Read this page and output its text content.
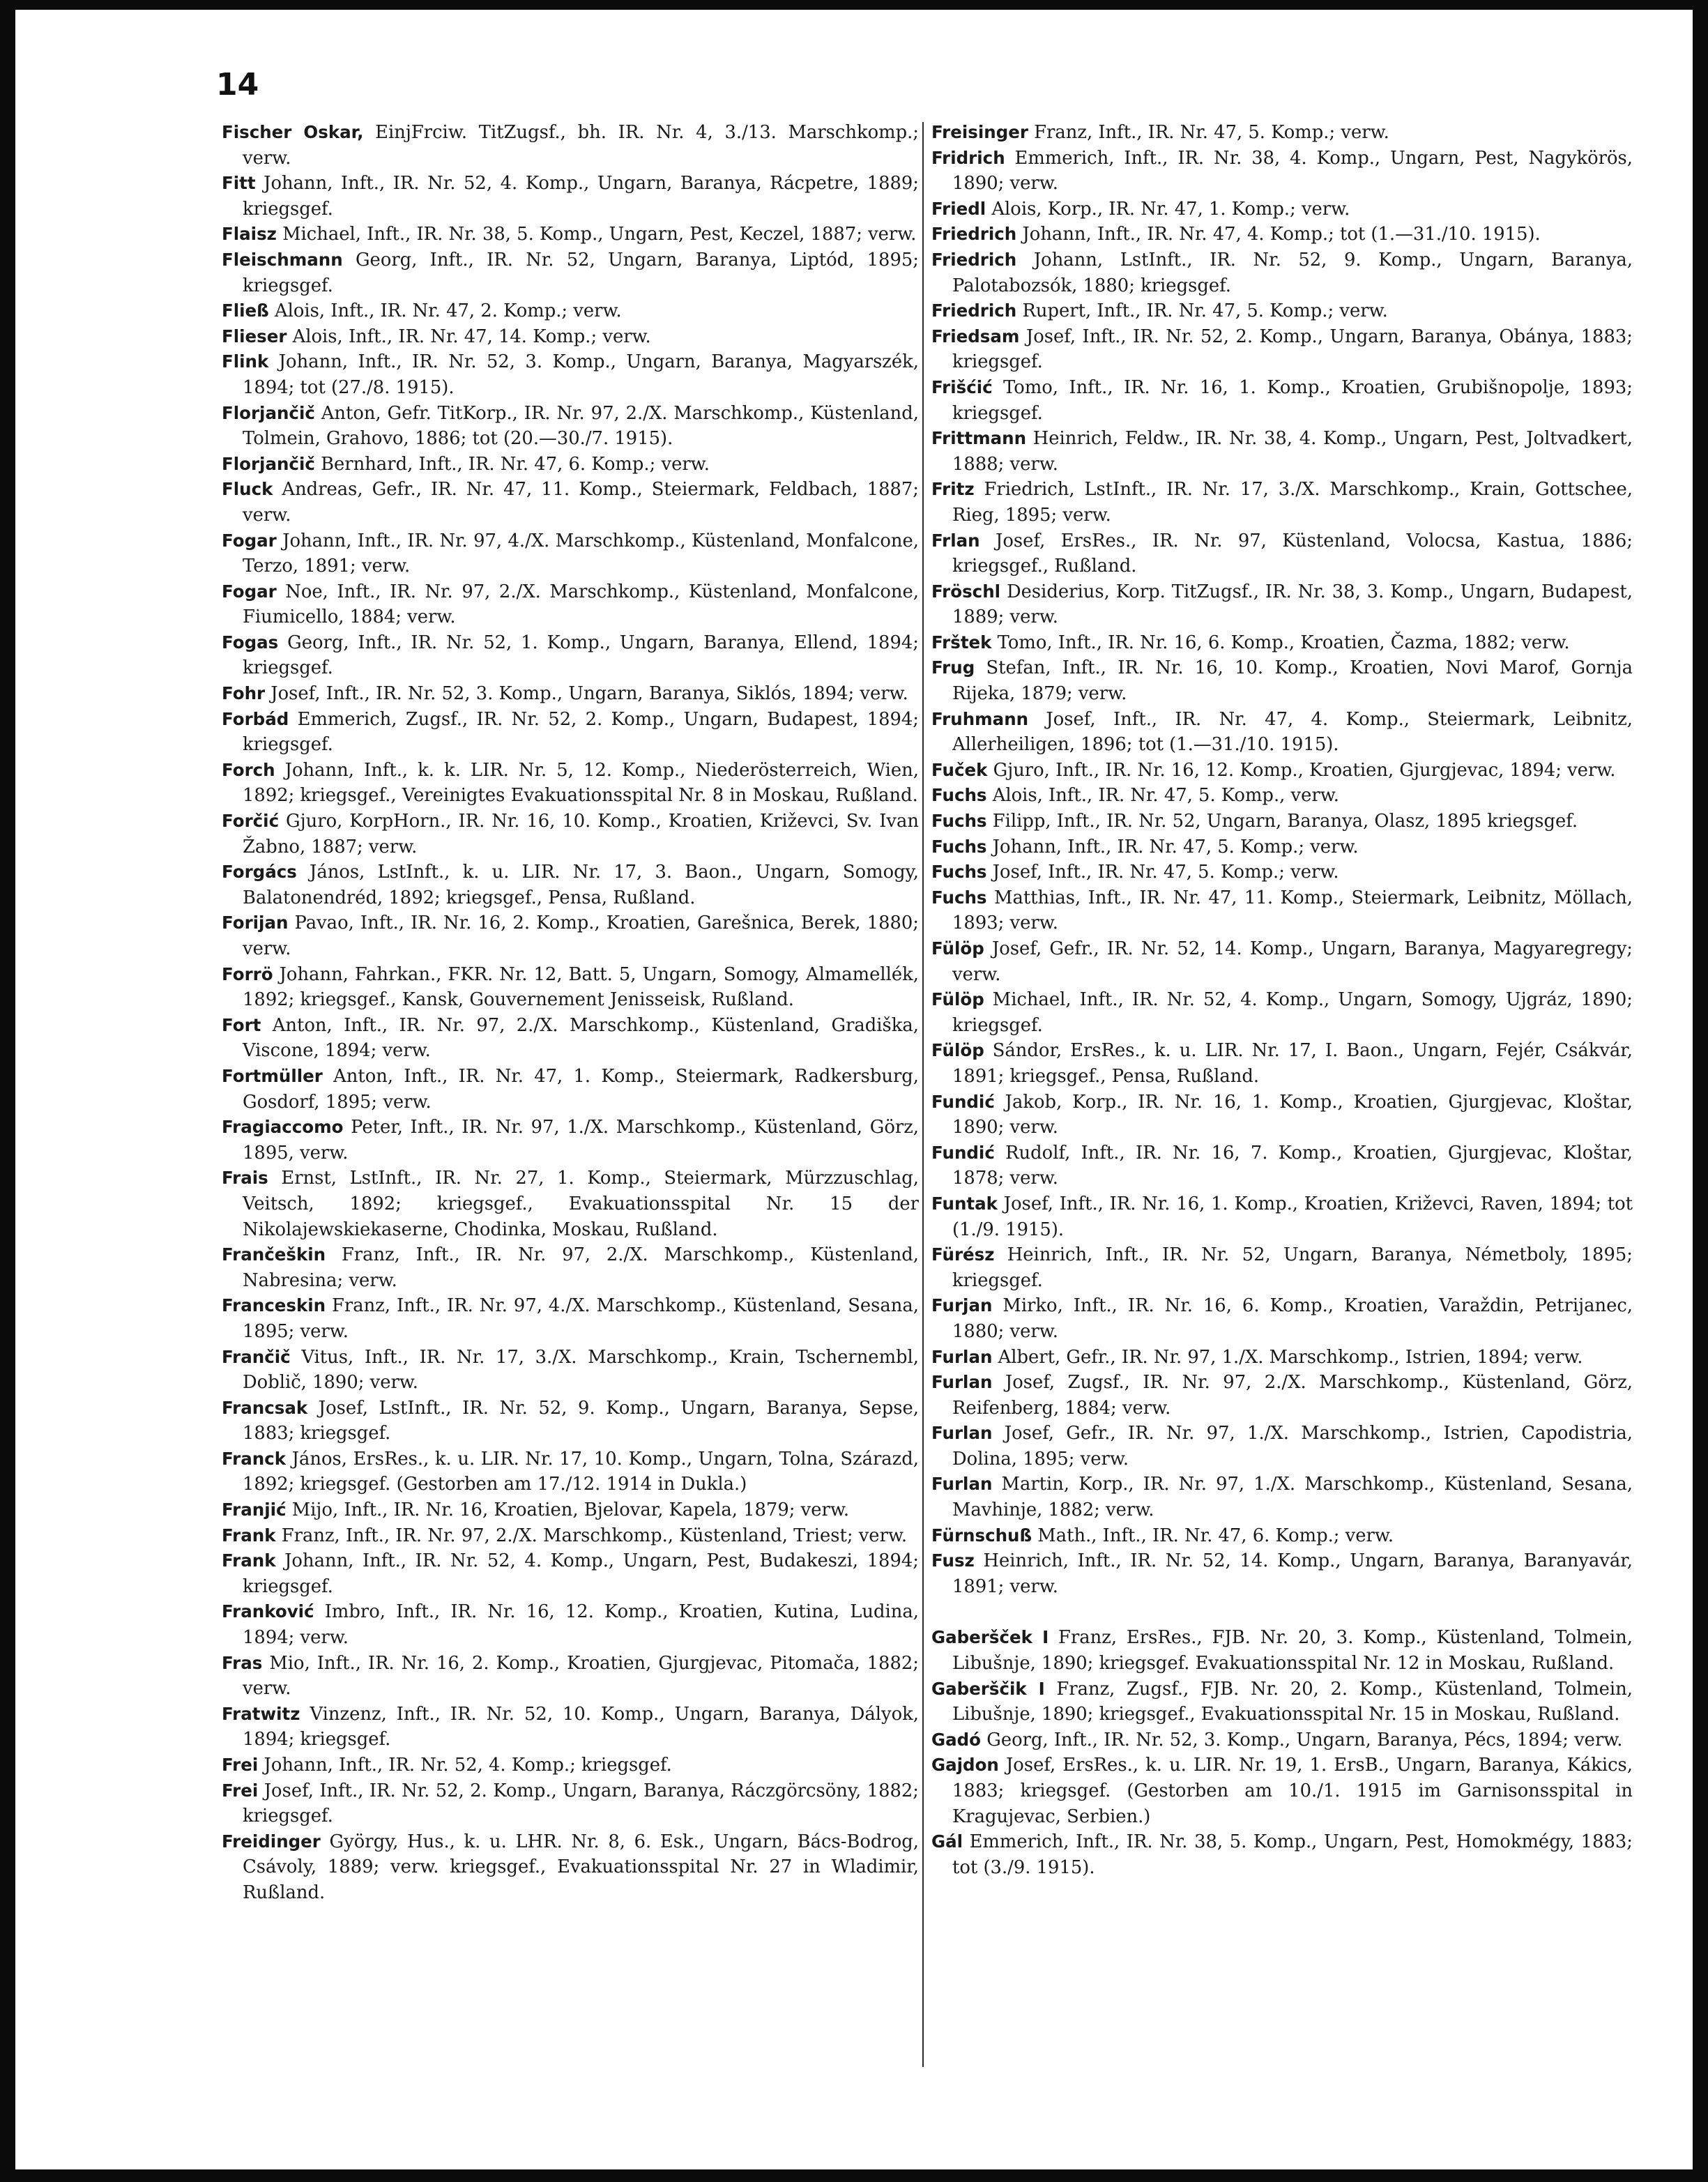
14
Fischer Oskar, EinjFrciw. TitZugsf., bh. IR. Nr. 4, 3./13. Marschkomp.; verw.
Fitt Johann, Inft., IR. Nr. 52, 4. Komp., Ungarn, Baranya, Rácpetre, 1889; kriegsgef.
Flaisz Michael, Inft., IR. Nr. 38, 5. Komp., Ungarn, Pest, Keczel, 1887; verw.
Fleischmann Georg, Inft., IR. Nr. 52, Ungarn, Baranya, Liptód, 1895; kriegsgef.
Fließ Alois, Inft., IR. Nr. 47, 2. Komp.; verw.
Flieser Alois, Inft., IR. Nr. 47, 14. Komp.; verw.
Flink Johann, Inft., IR. Nr. 52, 3. Komp., Ungarn, Baranya, Magyarszék, 1894; tot (27./8. 1915).
Florjančič Anton, Gefr. TitKorp., IR. Nr. 97, 2./X. Marschkomp., Küstenland, Tolmein, Grahovo, 1886; tot (20.—30./7. 1915).
Florjančič Bernhard, Inft., IR. Nr. 47, 6. Komp.; verw.
Fluck Andreas, Gefr., IR. Nr. 47, 11. Komp., Steiermark, Feldbach, 1887; verw.
Fogar Johann, Inft., IR. Nr. 97, 4./X. Marschkomp., Küstenland, Monfalcone, Terzo, 1891; verw.
Fogar Noe, Inft., IR. Nr. 97, 2./X. Marschkomp., Küstenland, Monfalcone, Fiumicello, 1884; verw.
Fogas Georg, Inft., IR. Nr. 52, 1. Komp., Ungarn, Baranya, Ellend, 1894; kriegsgef.
Fohr Josef, Inft., IR. Nr. 52, 3. Komp., Ungarn, Baranya, Siklós, 1894; verw.
Forbád Emmerich, Zugsf., IR. Nr. 52, 2. Komp., Ungarn, Budapest, 1894; kriegsgef.
Forch Johann, Inft., k. k. LIR. Nr. 5, 12. Komp., Niederösterreich, Wien, 1892; kriegsgef., Vereinigtes Evakuationsspital Nr. 8 in Moskau, Rußland.
Forčić Gjuro, KorpHorn., IR. Nr. 16, 10. Komp., Kroatien, Križevci, Sv. Ivan Žabno, 1887; verw.
Forgács János, LstInft., k. u. LIR. Nr. 17, 3. Baon., Ungarn, Somogy, Balatonendréd, 1892; kriegsgef., Pensa, Rußland.
Forijan Pavao, Inft., IR. Nr. 16, 2. Komp., Kroatien, Garešnica, Berek, 1880; verw.
Forrö Johann, Fahrkan., FKR. Nr. 12, Batt. 5, Ungarn, Somogy, Almamellék, 1892; kriegsgef., Kansk, Gouvernement Jenisseisk, Rußland.
Fort Anton, Inft., IR. Nr. 97, 2./X. Marschkomp., Küstenland, Gradiška, Viscone, 1894; verw.
Fortmüller Anton, Inft., IR. Nr. 47, 1. Komp., Steiermark, Radkersburg, Gosdorf, 1895; verw.
Fragiaccomo Peter, Inft., IR. Nr. 97, 1./X. Marschkomp., Küstenland, Görz, 1895, verw.
Frais Ernst, LstInft., IR. Nr. 27, 1. Komp., Steiermark, Mürzzuschlag, Veitsch, 1892; kriegsgef., Evakuationsspital Nr. 15 der Nikolajewskiekaserne, Chodinka, Moskau, Rußland.
Frančeškin Franz, Inft., IR. Nr. 97, 2./X. Marschkomp., Küstenland, Nabresina; verw.
Franceskin Franz, Inft., IR. Nr. 97, 4./X. Marschkomp., Küstenland, Sesana, 1895; verw.
Frančič Vitus, Inft., IR. Nr. 17, 3./X. Marschkomp., Krain, Tschernembl, Doblič, 1890; verw.
Francsak Josef, LstInft., IR. Nr. 52, 9. Komp., Ungarn, Baranya, Sepse, 1883; kriegsgef.
Franck János, ErsRes., k. u. LIR. Nr. 17, 10. Komp., Ungarn, Tolna, Szárazd, 1892; kriegsgef. (Gestorben am 17./12. 1914 in Dukla.)
Franjić Mijo, Inft., IR. Nr. 16, Kroatien, Bjelovar, Kapela, 1879; verw.
Frank Franz, Inft., IR. Nr. 97, 2./X. Marschkomp., Küstenland, Triest; verw.
Frank Johann, Inft., IR. Nr. 52, 4. Komp., Ungarn, Pest, Budakeszi, 1894; kriegsgef.
Franković Imbro, Inft., IR. Nr. 16, 12. Komp., Kroatien, Kutina, Ludina, 1894; verw.
Fras Mio, Inft., IR. Nr. 16, 2. Komp., Kroatien, Gjurgjevac, Pitomača, 1882; verw.
Fratwitz Vinzenz, Inft., IR. Nr. 52, 10. Komp., Ungarn, Baranya, Dályok, 1894; kriegsgef.
Frei Johann, Inft., IR. Nr. 52, 4. Komp.; kriegsgef.
Frei Josef, Inft., IR. Nr. 52, 2. Komp., Ungarn, Baranya, Ráczgörcsöny, 1882; kriegsgef.
Freidinger György, Hus., k. u. LHR. Nr. 8, 6. Esk., Ungarn, Bács-Bodrog, Csávoly, 1889; verw. kriegsgef., Evakuationsspital Nr. 27 in Wladimir, Rußland.
Freisinger Franz, Inft., IR. Nr. 47, 5. Komp.; verw.
Fridrich Emmerich, Inft., IR. Nr. 38, 4. Komp., Ungarn, Pest, Nagykörös, 1890; verw.
Friedl Alois, Korp., IR. Nr. 47, 1. Komp.; verw.
Friedrich Johann, Inft., IR. Nr. 47, 4. Komp.; tot (1.—31./10. 1915).
Friedrich Johann, LstInft., IR. Nr. 52, 9. Komp., Ungarn, Baranya, Palotabozsók, 1880; kriegsgef.
Friedrich Rupert, Inft., IR. Nr. 47, 5. Komp.; verw.
Friedsam Josef, Inft., IR. Nr. 52, 2. Komp., Ungarn, Baranya, Obánya, 1883; kriegsgef.
Frišćić Tomo, Inft., IR. Nr. 16, 1. Komp., Kroatien, Grubišnopolje, 1893; kriegsgef.
Frittmann Heinrich, Feldw., IR. Nr. 38, 4. Komp., Ungarn, Pest, Joltvadkert, 1888; verw.
Fritz Friedrich, LstInft., IR. Nr. 17, 3./X. Marschkomp., Krain, Gottschee, Rieg, 1895; verw.
Frlan Josef, ErsRes., IR. Nr. 97, Küstenland, Volocsa, Kastua, 1886; kriegsgef., Rußland.
Fröschl Desiderius, Korp. TitZugsf., IR. Nr. 38, 3. Komp., Ungarn, Budapest, 1889; verw.
Frštek Tomo, Inft., IR. Nr. 16, 6. Komp., Kroatien, Čazma, 1882; verw.
Frug Stefan, Inft., IR. Nr. 16, 10. Komp., Kroatien, Novi Marof, Gornja Rijeka, 1879; verw.
Fruhmann Josef, Inft., IR. Nr. 47, 4. Komp., Steiermark, Leibnitz, Allerheiligen, 1896; tot (1.—31./10. 1915).
Fuček Gjuro, Inft., IR. Nr. 16, 12. Komp., Kroatien, Gjurgjevac, 1894; verw.
Fuchs Alois, Inft., IR. Nr. 47, 5. Komp., verw.
Fuchs Filipp, Inft., IR. Nr. 52, Ungarn, Baranya, Olasz, 1895 kriegsgef.
Fuchs Johann, Inft., IR. Nr. 47, 5. Komp.; verw.
Fuchs Josef, Inft., IR. Nr. 47, 5. Komp.; verw.
Fuchs Matthias, Inft., IR. Nr. 47, 11. Komp., Steiermark, Leibnitz, Möllach, 1893; verw.
Fülöp Josef, Gefr., IR. Nr. 52, 14. Komp., Ungarn, Baranya, Magyaregregy; verw.
Fülöp Michael, Inft., IR. Nr. 52, 4. Komp., Ungarn, Somogy, Ujgráz, 1890; kriegsgef.
Fülöp Sándor, ErsRes., k. u. LIR. Nr. 17, I. Baon., Ungarn, Fejér, Csákvár, 1891; kriegsgef., Pensa, Rußland.
Fundić Jakob, Korp., IR. Nr. 16, 1. Komp., Kroatien, Gjurgjevac, Kloštar, 1890; verw.
Fundić Rudolf, Inft., IR. Nr. 16, 7. Komp., Kroatien, Gjurgjevac, Kloštar, 1878; verw.
Funtak Josef, Inft., IR. Nr. 16, 1. Komp., Kroatien, Križevci, Raven, 1894; tot (1./9. 1915).
Fürész Heinrich, Inft., IR. Nr. 52, Ungarn, Baranya, Németboly, 1895; kriegsgef.
Furjan Mirko, Inft., IR. Nr. 16, 6. Komp., Kroatien, Varaždin, Petrijanec, 1880; verw.
Furlan Albert, Gefr., IR. Nr. 97, 1./X. Marschkomp., Istrien, 1894; verw.
Furlan Josef, Zugsf., IR. Nr. 97, 2./X. Marschkomp., Küstenland, Görz, Reifenberg, 1884; verw.
Furlan Josef, Gefr., IR. Nr. 97, 1./X. Marschkomp., Istrien, Capodistria, Dolina, 1895; verw.
Furlan Martin, Korp., IR. Nr. 97, 1./X. Marschkomp., Küstenland, Sesana, Mavhinje, 1882; verw.
Fürnschuß Math., Inft., IR. Nr. 47, 6. Komp.; verw.
Fusz Heinrich, Inft., IR. Nr. 52, 14. Komp., Ungarn, Baranya, Baranyavár, 1891; verw.
Gaberšček I Franz, ErsRes., FJB. Nr. 20, 3. Komp., Küstenland, Tolmein, Libušnje, 1890; kriegsgef. Evakuationsspital Nr. 12 in Moskau, Rußland.
Gaberščik I Franz, Zugsf., FJB. Nr. 20, 2. Komp., Küstenland, Tolmein, Libušnje, 1890; kriegsgef., Evakuationsspital Nr. 15 in Moskau, Rußland.
Gadó Georg, Inft., IR. Nr. 52, 3. Komp., Ungarn, Baranya, Pécs, 1894; verw.
Gajdon Josef, ErsRes., k. u. LIR. Nr. 19, 1. ErsB., Ungarn, Baranya, Kákics, 1883; kriegsgef. (Gestorben am 10./1. 1915 im Garnisonsspital in Kragujevac, Serbien.)
Gál Emmerich, Inft., IR. Nr. 38, 5. Komp., Ungarn, Pest, Homokmégy, 1883; tot (3./9. 1915).
